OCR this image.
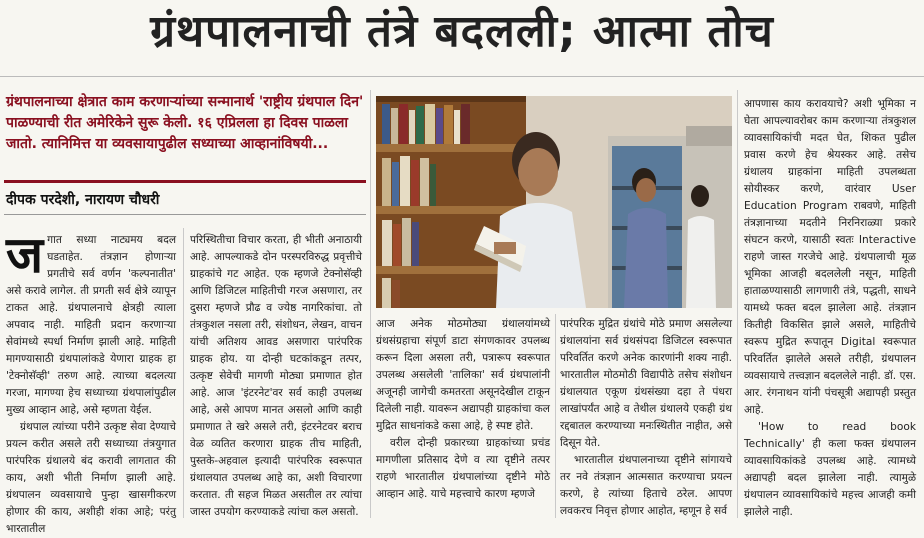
ग्रंथपालनाची तंत्रे बदलली; आत्मा तोच
ग्रंथपालनाच्या क्षेत्रात काम करणाऱ्यांच्या सन्मानार्थ 'राष्ट्रीय ग्रंथपाल दिन' पाळण्याची रीत अमेरिकेने सुरू केली. १६ एप्रिलला हा दिवस पाळला जातो. त्यानिमित्त या व्यवसायापुढील सध्याच्या आव्हानांविषयी...
दीपक परदेशी, नारायण चौधरी
ज गात सध्या नाट्यमय बदल घडताहेत. तंत्रज्ञान होणाऱ्या प्रगतीचे सर्व वर्णन 'कल्पनातीत' असे करावे लागेल. ती प्रगती सर्व क्षेत्रे व्यापून टाकत आहे. ग्रंथपालनाचे क्षेत्रही त्याला अपवाद नाही. माहिती प्रदान करणाऱ्या सेवांमध्ये स्पर्धा निर्माण झाली आहे. माहिती मागण्यासाठी ग्रंथपालांकडे येणारा ग्राहक हा 'टेक्नोसॅव्ही' तरुण आहे. त्याच्या बदलत्या गरजा, मागण्या हेच सध्याच्या ग्रंथपालांपुढील मुख्य आव्हान आहे, असे म्हणता येईल.

ग्रंथपाल त्यांच्या परीने उत्कृष्ट सेवा देण्याचे प्रयत्न करीत असले तरी सध्याच्या तंत्रयुगात पारंपरिक ग्रंथालये बंद करावी लागतात की काय, अशी भीती निर्माण झाली आहे. ग्रंथपालन व्यवसायाचे पुन्हा खासगीकरण होणार की काय, अशीही शंका आहे; परंतु भारतातील

परिस्थितीचा विचार करता, ही भीती अनाठायी आहे. आपल्याकडे दोन परस्परविरुद्ध प्रवृत्तीचे ग्राहकांचे गट आहेत. एक म्हणजे टेक्नोसॅव्ही आणि डिजिटल माहितीची गरज असणारा, तर दुसरा म्हणजे प्रौढ व ज्येष्ठ नागरिकांचा. तो तंत्रकुशल नसला तरी, संशोधन, लेखन, वाचन यांची अतिशय आवड असणारा पारंपरिक ग्राहक होय. या दोन्ही घटकांकडून तत्पर, उत्कृष्ट सेवेची मागणी मोठ्या प्रमाणात होत आहे. आज 'इंटरनेट'वर सर्व काही उपलब्ध आहे, असे आपण मानत असलो आणि काही प्रमाणात ते खरे असले तरी, इंटरनेटवर बराच वेळ व्यतित करणारा ग्राहक तीच माहिती, पुस्तके-अहवाल इत्यादी पारंपरिक स्वरूपात ग्रंथालयात उपलब्ध आहे का, अशी विचारणा करतात. ती सहज मिळत असतील तर त्यांचा जास्त उपयोग करण्याकडे त्यांचा कल असतो.

आज अनेक मोठमोठ्या ग्रंथालयांमध्ये ग्रंथसंग्रहाचा संपूर्ण डाटा संगणकावर उपलब्ध करून दिला असला तरी, पत्रारूप स्वरूपात उपलब्ध असलेली 'तालिका' सर्व ग्रंथपालांनी अजूनही जागेची कमतरता असूनदेखील टाकून दिलेली नाही. यावरून अद्यापही ग्राहकांचा कल मुद्रित साधनांकडे कसा आहे, हे स्पष्ट होते.

वरील दोन्ही प्रकारच्या ग्राहकांच्या प्रचंड मागणीला प्रतिसाद देणे व त्या दृष्टीने तत्पर राहणे भारतातील ग्रंथपालांच्या दृष्टीने मोठे आव्हान आहे. याचे महत्त्वाचे कारण म्हणजे

पारंपरिक मुद्रित ग्रंथांचे मोठे प्रमाण असलेल्या ग्रंथालयांना सर्व ग्रंथसंपदा डिजिटल स्वरूपात परिवर्तित करणे अनेक कारणांनी शक्य नाही. भारतातील मोठमोठी विद्यापीठे तसेच संशोधन ग्रंथालयात एकूण ग्रंथसंख्या दहा ते पंधरा लाखांपर्यंत आहे व तेथील ग्रंथालये एकही ग्रंथ रद्दबातल करण्याच्या मनःस्थितीत नाहीत, असे दिसून येते.

भारतातील ग्रंथपालनाच्या दृष्टीने सांगायचे तर नवे तंत्रज्ञान आत्मसात करण्याचा प्रयत्न करणे, हे त्यांच्या हिताचे ठरेल. आपण लवकरच निवृत्त होणार आहोत, म्हणून हे सर्व

आपणास काय करावयाचे? अशी भूमिका न घेता आपल्यावरोबर काम करणाऱ्या तंत्रकुशल व्यावसायिकांची मदत घेत, शिकत पुढील प्रवास करणे हेच श्रेयस्कर आहे. तसेच ग्रंथालय ग्राहकांना माहिती उपलब्धता सोयीस्कर करणे, वारंवार User Education Program राबवणे, माहिती तंत्रज्ञानाच्या मदतीने निरनिराळ्या प्रकारे संघटन करणे, यासाठी स्वतः Interactive राहणे जास्त गरजेचे आहे. ग्रंथपालाची मूळ भूमिका आजही बदललेली नसून, माहिती हाताळण्यासाठी लागणारी तंत्रे, पद्धती, साधने यामध्ये फक्त बदल झालेला आहे. तंत्रज्ञान कितीही विकसित झाले असले, माहितीचे स्वरूप मुद्रित रूपातून Digital स्वरूपात परिवर्तित झालेले असले तरीही, ग्रंथपालन व्यवसायाचे तत्त्वज्ञान बदललेले नाही. डॉ. एस. आर. रंगनाथन यांनी पंचसूत्री अद्यापही प्रस्तुत आहे.

'How to read book Technically' ही कला फक्त ग्रंथपालन व्यावसायिकांकडे उपलब्ध आहे. त्यामध्ये अद्यापही बदल झालेला नाही. त्यामुळे ग्रंथपालन व्यावसायिकांचे महत्त्व आजही कमी झालेले नाही.
